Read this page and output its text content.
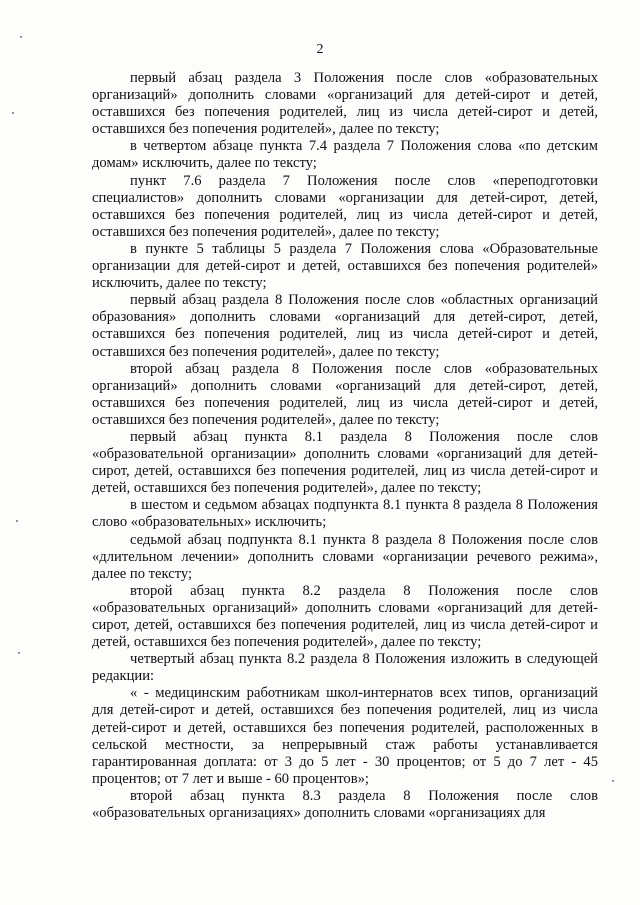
2

первый абзац раздела 3 Положения после слов «образовательных организаций» дополнить словами «организаций для детей-сирот и детей, оставшихся без попечения родителей, лиц из числа детей-сирот и детей, оставшихся без попечения родителей», далее по тексту;

в четвертом абзаце пункта 7.4 раздела 7 Положения слова «по детским домам» исключить, далее по тексту;

пункт 7.6 раздела 7 Положения после слов «переподготовки специалистов» дополнить словами «организации для детей-сирот, детей, оставшихся без попечения родителей, лиц из числа детей-сирот и детей, оставшихся без попечения родителей», далее по тексту;

в пункте 5 таблицы 5 раздела 7 Положения слова «Образовательные организации для детей-сирот и детей, оставшихся без попечения родителей» исключить, далее по тексту;

первый абзац раздела 8 Положения после слов «областных организаций образования» дополнить словами «организаций для детей-сирот, детей, оставшихся без попечения родителей, лиц из числа детей-сирот и детей, оставшихся без попечения родителей», далее по тексту;

второй абзац раздела 8 Положения после слов «образовательных организаций» дополнить словами «организаций для детей-сирот, детей, оставшихся без попечения родителей, лиц из числа детей-сирот и детей, оставшихся без попечения родителей», далее по тексту;

первый абзац пункта 8.1 раздела 8 Положения после слов «образовательной организации» дополнить словами «организаций для детей-сирот, детей, оставшихся без попечения родителей, лиц из числа детей-сирот и детей, оставшихся без попечения родителей», далее по тексту;

в шестом и седьмом абзацах подпункта 8.1 пункта 8 раздела 8 Положения слово «образовательных» исключить;

седьмой абзац подпункта 8.1 пункта 8 раздела 8 Положения после слов «длительном лечении» дополнить словами «организации речевого режима», далее по тексту;

второй абзац пункта 8.2 раздела 8 Положения после слов «образовательных организаций» дополнить словами «организаций для детей-сирот, детей, оставшихся без попечения родителей, лиц из числа детей-сирот и детей, оставшихся без попечения родителей», далее по тексту;

четвертый абзац пункта 8.2 раздела 8 Положения изложить в следующей редакции:

« - медицинским работникам школ-интернатов всех типов, организаций для детей-сирот и детей, оставшихся без попечения родителей, лиц из числа детей-сирот и детей, оставшихся без попечения родителей, расположенных в сельской местности, за непрерывный стаж работы устанавливается гарантированная доплата: от 3 до 5 лет - 30 процентов; от 5 до 7 лет - 45 процентов; от 7 лет и выше - 60 процентов»;

второй абзац пункта 8.3 раздела 8 Положения после слов «образовательных организациях» дополнить словами «организациях для
